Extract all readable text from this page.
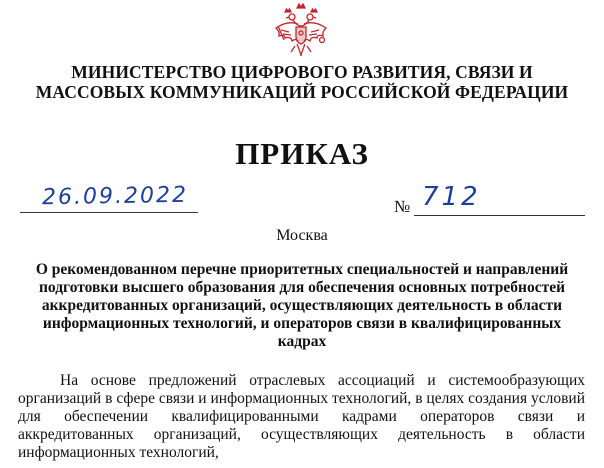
МИНИСТЕРСТВО ЦИФРОВОГО РАЗВИТИЯ, СВЯЗИ И МАССОВЫХ КОММУНИКАЦИЙ РОССИЙСКОЙ ФЕДЕРАЦИИ
ПРИКАЗ
26.09.2022	№ 712
Москва
О рекомендованном перечне приоритетных специальностей и направлений подготовки высшего образования для обеспечения основных потребностей аккредитованных организаций, осуществляющих деятельность в области информационных технологий, и операторов связи в квалифицированных кадрах
На основе предложений отраслевых ассоциаций и системообразующих организаций в сфере связи и информационных технологий, в целях создания условий для обеспечении квалифицированными кадрами операторов связи и аккредитованных организаций, осуществляющих деятельность в области информационных технологий,
